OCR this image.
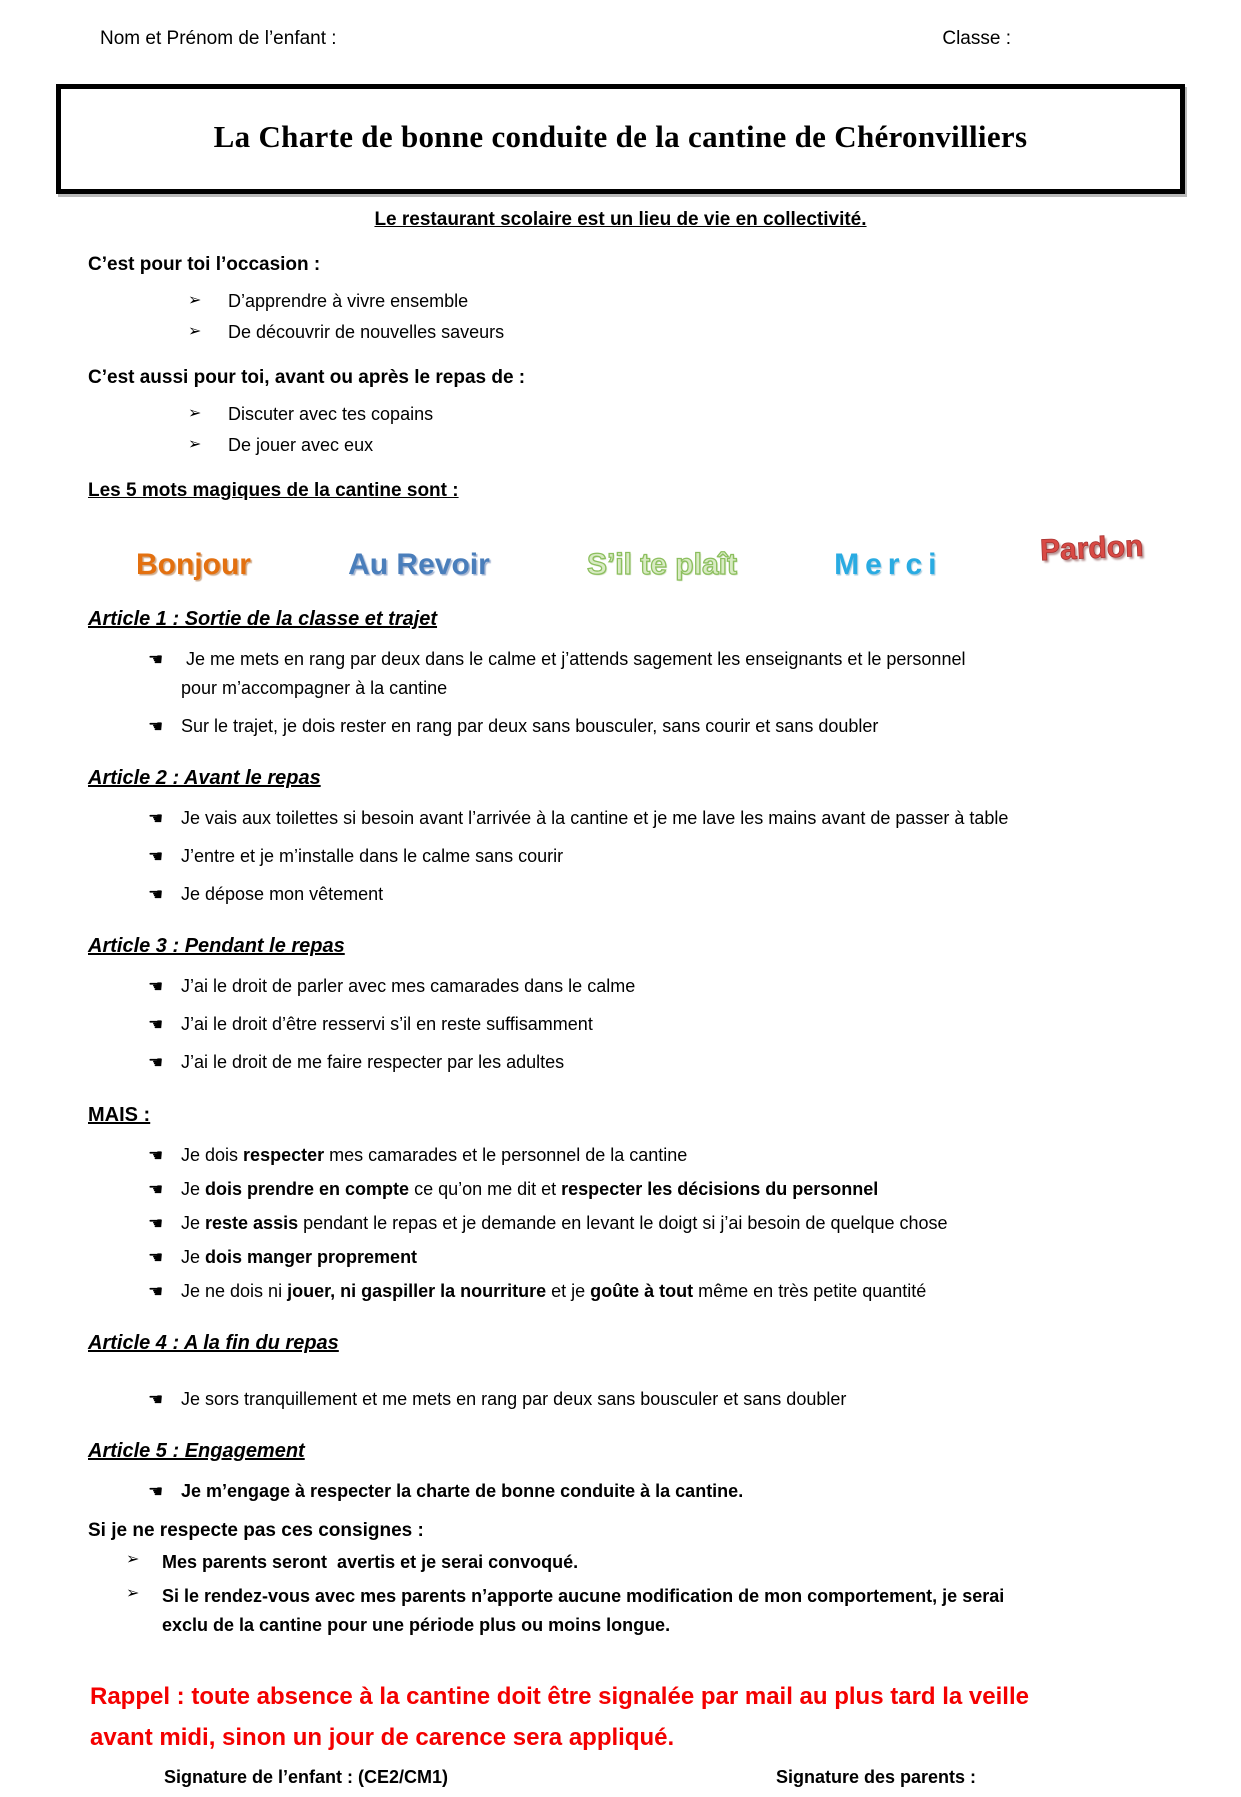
Nom et Prénom de l’enfant :	Classe :
La Charte de bonne conduite de la cantine de Chéronvilliers
Le restaurant scolaire est un lieu de vie en collectivité.

C’est pour toi l’occasion :

➢	D’apprendre à vivre ensemble
➢	De découvrir de nouvelles saveurs

C’est aussi pour toi, avant ou après le repas de :

➢	Discuter avec tes copains
➢	De jouer avec eux

Les 5 mots magiques de la cantine sont :

Bonjour	Au Revoir	S’il te plaît	Merci	Pardon
Article 1 : Sortie de la classe et trajet
☚ Je me mets en rang par deux dans le calme et j’attends sagement les enseignants et le personnel
pour m’accompagner à la cantine
☚ Sur le trajet, je dois rester en rang par deux sans bousculer, sans courir et sans doubler
Article 2 : Avant le repas
☚ Je vais aux toilettes si besoin avant l’arrivée à la cantine et je me lave les mains avant de passer à table
☚ J’entre et je m’installe dans le calme sans courir
☚ Je dépose mon vêtement
Article 3 : Pendant le repas
☚ J’ai le droit de parler avec mes camarades dans le calme
☚ J’ai le droit d’être resservi s’il en reste suffisamment
☚ J’ai le droit de me faire respecter par les adultes
MAIS :
☚ Je dois respecter mes camarades et le personnel de la cantine
☚ Je dois prendre en compte ce qu’on me dit et respecter les décisions du personnel
☚ Je reste assis pendant le repas et je demande en levant le doigt si j’ai besoin de quelque chose
☚ Je dois manger proprement
☚ Je ne dois ni jouer, ni gaspiller la nourriture et je goûte à tout même en très petite quantité
Article 4 : A la fin du repas
☚ Je sors tranquillement et me mets en rang par deux sans bousculer et sans doubler
Article 5 : Engagement
☚ Je m’engage à respecter la charte de bonne conduite à la cantine.

Si je ne respecte pas ces consignes :

➢	Mes parents seront  avertis et je serai convoqué.
➢	Si le rendez-vous avec mes parents n’apporte aucune modification de mon comportement, je serai
exclu de la cantine pour une période plus ou moins longue.

Rappel : toute absence à la cantine doit être signalée par mail au plus tard la veille
avant midi, sinon un jour de carence sera appliqué.

Signature de l’enfant : (CE2/CM1)	Signature des parents :
